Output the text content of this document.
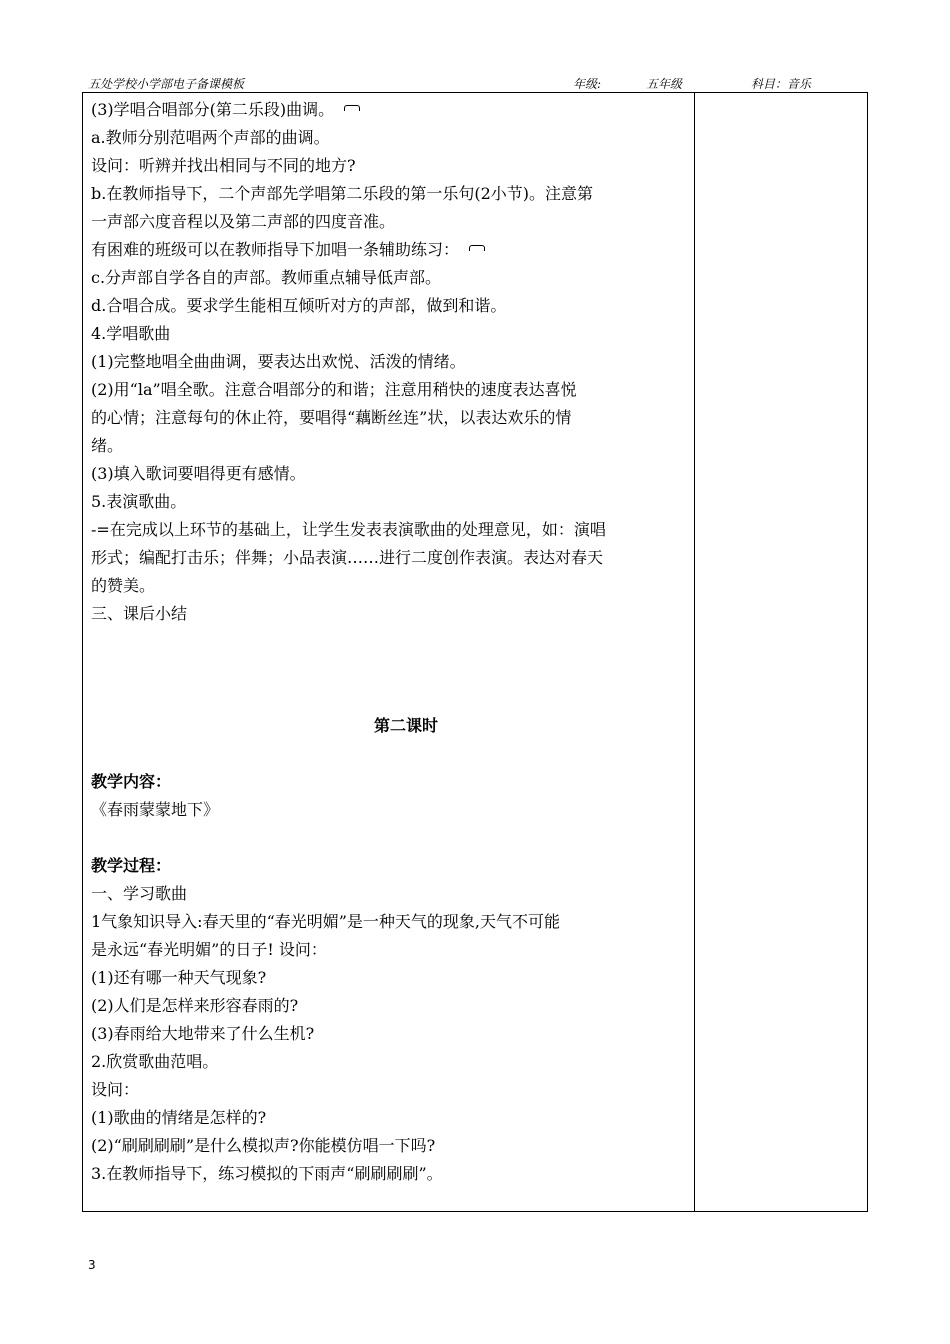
五处学校小学部电子备课模板	年级:	五年级	科目：音乐

(3)学唱合唱部分(第二乐段)曲调。

a.教师分别范唱两个声部的曲调。

设问：听辨并找出相同与不同的地方?

b.在教师指导下，二个声部先学唱第二乐段的第一乐句(2小节)。注意第

一声部六度音程以及第二声部的四度音准。

有困难的班级可以在教师指导下加唱一条辅助练习：

c.分声部自学各自的声部。教师重点辅导低声部。

d.合唱合成。要求学生能相互倾听对方的声部，做到和谐。

4.学唱歌曲

(1)完整地唱全曲曲调，要表达出欢悦、活泼的情绪。

(2)用“la”唱全歌。注意合唱部分的和谐；注意用稍快的速度表达喜悦

的心情；注意每句的休止符，要唱得“藕断丝连”状，以表达欢乐的情

绪。

(3)填入歌词要唱得更有感情。

5.表演歌曲。

-=在完成以上环节的基础上，让学生发表表演歌曲的处理意见，如：演唱

形式；编配打击乐；伴舞；小品表演……进行二度创作表演。表达对春天

的赞美。

三、课后小结

第二课时

教学内容：

《春雨蒙蒙地下》

教学过程：

一、学习歌曲

1气象知识导入:春天里的“春光明媚”是一种天气的现象,天气不可能

是永远“春光明媚”的日子! 设问：

(1)还有哪一种天气现象?

(2)人们是怎样来形容春雨的?

(3)春雨给大地带来了什么生机?

2.欣赏歌曲范唱。

设问：

(1)歌曲的情绪是怎样的?

(2)“刷刷刷刷”是什么模拟声?你能模仿唱一下吗?

3.在教师指导下，练习模拟的下雨声“刷刷刷刷”。

3
